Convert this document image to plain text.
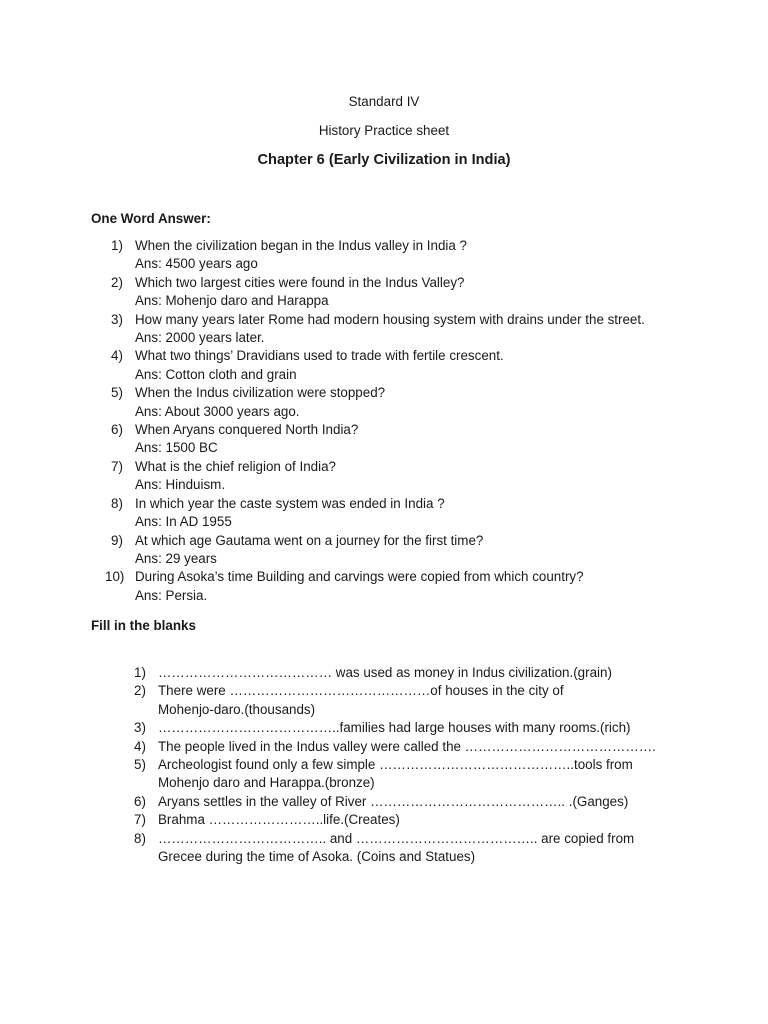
Standard IV
History Practice sheet
Chapter 6 (Early Civilization in India)
One Word Answer:
1) When the civilization began in the Indus valley in India ?
Ans: 4500 years ago
2) Which two largest cities were found in the Indus Valley?
Ans: Mohenjo daro and Harappa
3) How many years later Rome had modern housing system with drains under the street.
Ans: 2000 years later.
4) What two things’ Dravidians used to trade with fertile crescent.
Ans: Cotton cloth and grain
5) When the Indus civilization were stopped?
Ans: About 3000 years ago.
6) When Aryans conquered North India?
Ans: 1500 BC
7) What is the chief religion of India?
Ans: Hinduism.
8) In which year the caste system was ended in India ?
Ans: In AD 1955
9) At which age Gautama went on a journey for the first time?
Ans: 29 years
10) During Asoka’s time Building and carvings were copied from which country?
Ans: Persia.
Fill in the blanks
1) ………………………………… was used as money in Indus civilization.(grain)
2) There were ………………………………………of houses in the city of
Mohenjo-daro.(thousands)
3) …………………………………..families had large houses with many rooms.(rich)
4) The people lived in the Indus valley were called the …………………………………….
5) Archeologist found only a few simple ……………………………………..tools from
Mohenjo daro and Harappa.(bronze)
6) Aryans settles in the valley of River …………………………………….. .(Ganges)
7) Brahma ……………………..life.(Creates)
8) ……………………………….. and ………………………………….. are copied from
Grecee during the time of Asoka. (Coins and Statues)
